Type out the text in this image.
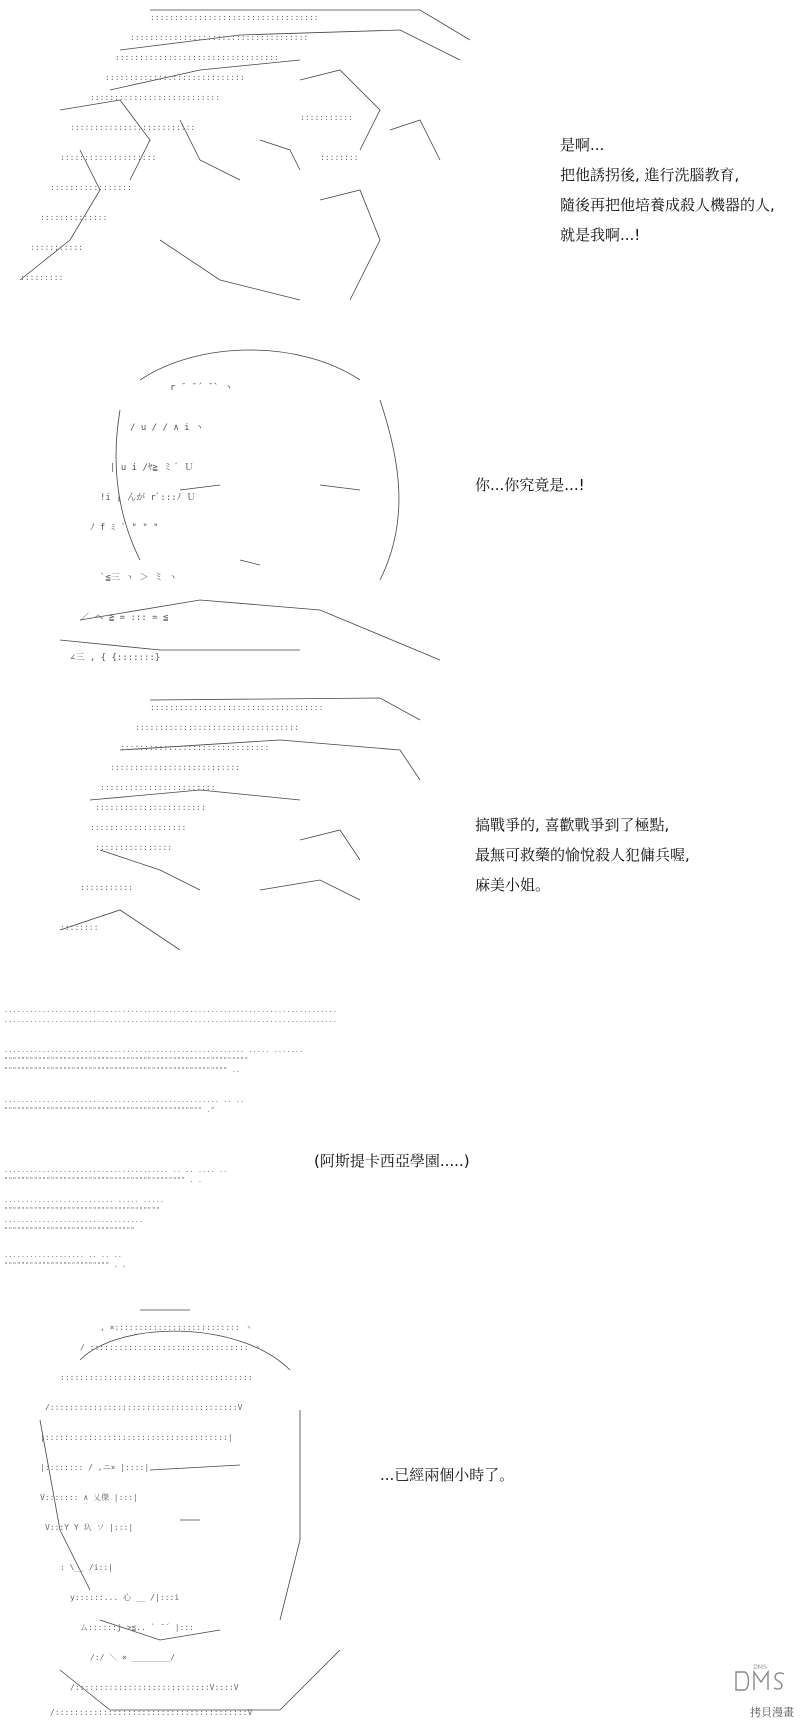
:::::::::::::::::::::::::::::::::::
:::::::::::::::::::::::::::::::::::::
::::::::::::::::::::::::::::::::::
:::::::::::::::::::::::::::::
:::::::::::::::::::::::::::
::::::::::::::::::::::::::
::::::::::::::::::::
:::::::::::::::::
::::::::::::::
:::::::::::
:::::::::
:::::::::::
::::::::
是啊...
把他誘拐後, 進行洗腦教育,
隨後再把他培養成殺人機器的人,
就是我啊...!
r ˉ ̄ ´ ̄ ` ヽ
/ u / / ∧ i ヽ
| u i /ﾔ≧ ミ ﾞ Ｕ
!i | んが rﾞ:::ﾉ Ｕ
ﾉ f ﾐ ` " " "
`≦三 ヽ ＞ ミ ヽ
／ ヘ ≧ = ::: = ≦
∠三 , { {:::::::}
你...你究竟是...!
::::::::::::::::::::::::::::::::::::
::::::::::::::::::::::::::::::::::
:::::::::::::::::::::::::::::::
:::::::::::::::::::::::::::
::::::::::::::::::::::::
:::::::::::::::::::::::
::::::::::::::::::::
::::::::::::::::
:::::::::::
::::::::
搞戰爭的, 喜歡戰爭到了極點,
最無可救藥的愉悅殺人犯傭兵喔,
麻美小姐。
...............................................................................
...............................................................................
......................................................... ..... .......
""""""""""""""""""""""""""""""""""""""""""""""""""""""""""
""""""""""""""""""""""""""""""""""""""""""""""""""""" ..
................................................... .. ..
""""""""""""""""""""""""""""""""""""""""""""""" ."
....................................... .. .. .... ..
""""""""""""""""""""""""""""""""""""""""""" . .
.......................... ..... .....
"""""""""""""""""""""""""""""""""""""
.................................
"""""""""""""""""""""""""""""""
................... .. .. ..
""""""""""""""""""""""""" . .
(阿斯提卡西亞學園.....)
, ×:::::::::::::::::::::::::: ヽ
/ ::::::::::::::::::::::::::::::::: ヽ
::::::::::::::::::::::::::::::::::::::::
/:::::::::::::::::::::::::::::::::::::::V
|::::::::::::::::::::::::::::::::::::::|
|:::::::: / ,ニ× |::::|
V::::::: ∧ 乂傑 |:::|
V:::Y Y 圦 ソ |:::|
: \__ /i::|
y::::::... 心 __ /|:::i
ム::::::j >≦.. ` ̄ ´ |:::
/:/ ＼ × ________/
/::::::::::::::::::::::::::::V::::V
/::::::::::::::::::::::::::::::::::::::::V
...已經兩個小時了。
DMS
拷貝漫畫
